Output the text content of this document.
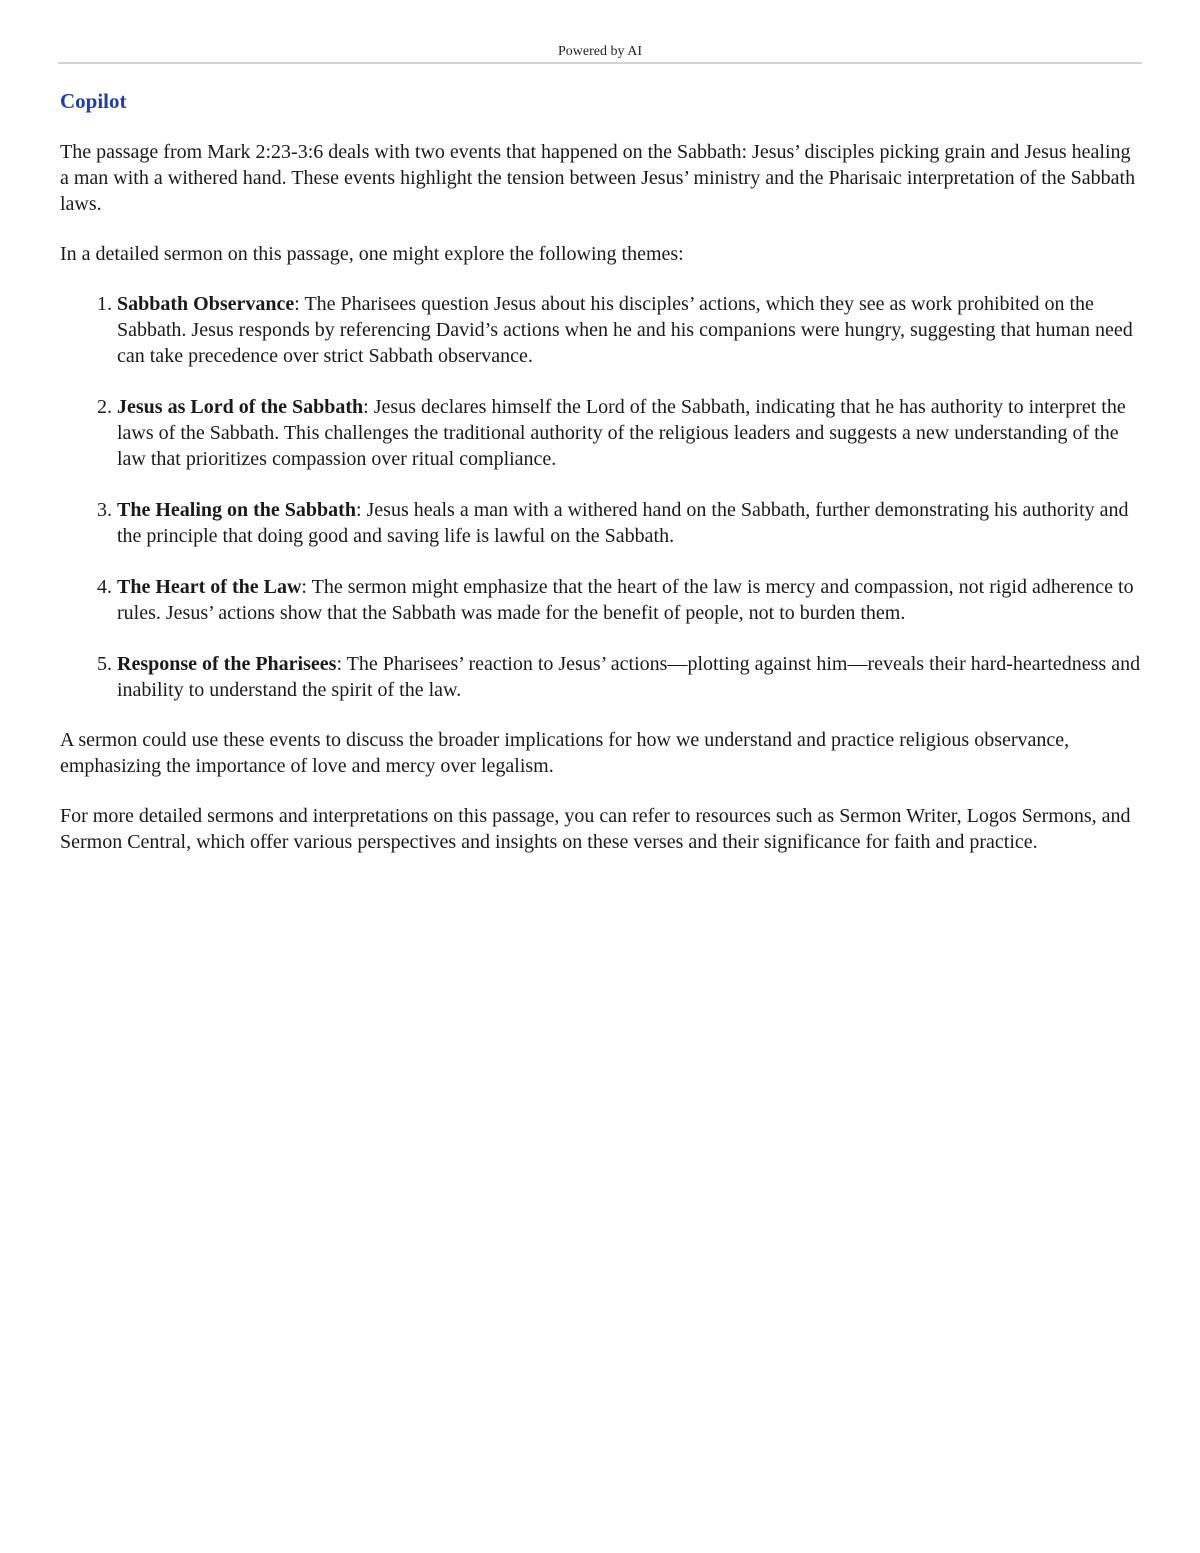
Powered by AI
Copilot

The passage from Mark 2:23-3:6 deals with two events that happened on the Sabbath: Jesus’ disciples picking grain and Jesus healing a man with a withered hand. These events highlight the tension between Jesus’ ministry and the Pharisaic interpretation of the Sabbath laws.

In a detailed sermon on this passage, one might explore the following themes:

1. Sabbath Observance: The Pharisees question Jesus about his disciples’ actions, which they see as work prohibited on the Sabbath. Jesus responds by referencing David’s actions when he and his companions were hungry, suggesting that human need can take precedence over strict Sabbath observance.
2. Jesus as Lord of the Sabbath: Jesus declares himself the Lord of the Sabbath, indicating that he has authority to interpret the laws of the Sabbath. This challenges the traditional authority of the religious leaders and suggests a new understanding of the law that prioritizes compassion over ritual compliance.
3. The Healing on the Sabbath: Jesus heals a man with a withered hand on the Sabbath, further demonstrating his authority and the principle that doing good and saving life is lawful on the Sabbath.
4. The Heart of the Law: The sermon might emphasize that the heart of the law is mercy and compassion, not rigid adherence to rules. Jesus’ actions show that the Sabbath was made for the benefit of people, not to burden them.
5. Response of the Pharisees: The Pharisees’ reaction to Jesus’ actions—plotting against him—reveals their hard-heartedness and inability to understand the spirit of the law.

A sermon could use these events to discuss the broader implications for how we understand and practice religious observance, emphasizing the importance of love and mercy over legalism.

For more detailed sermons and interpretations on this passage, you can refer to resources such as Sermon Writer, Logos Sermons, and Sermon Central, which offer various perspectives and insights on these verses and their significance for faith and practice.
